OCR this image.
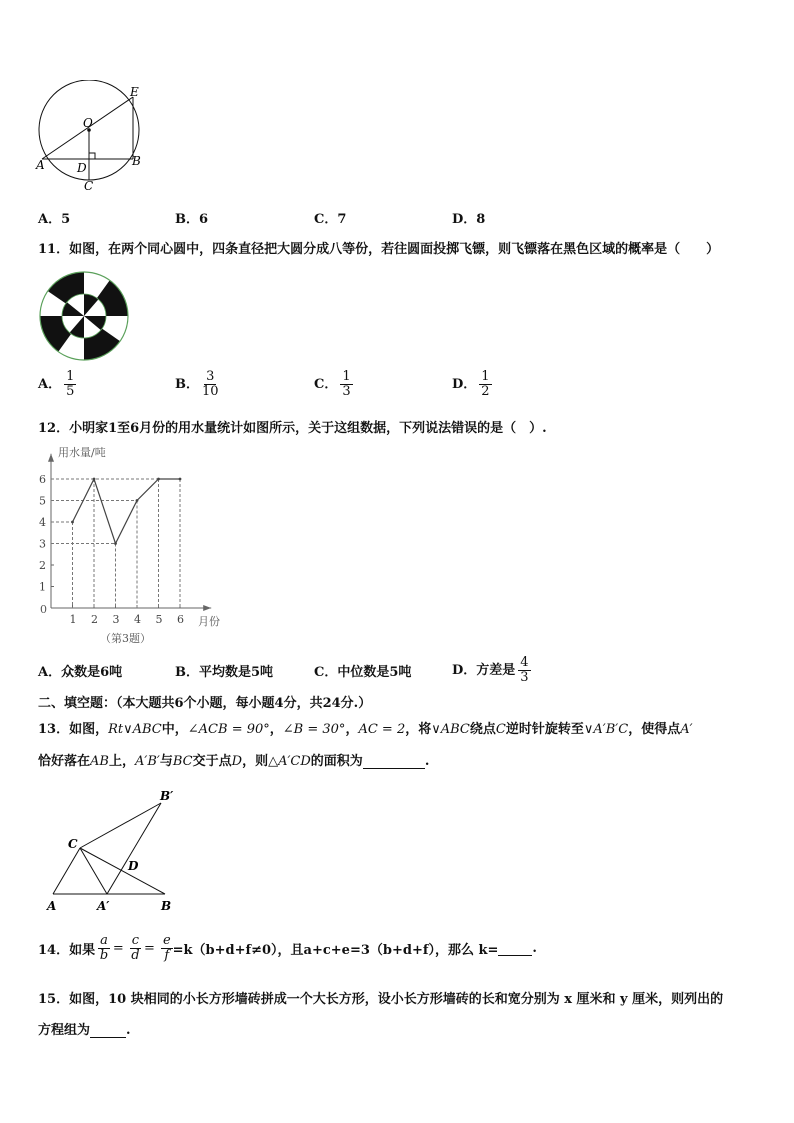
O
E
A	B
D
C
A．5	B．6	C．7	D．8
11．如图，在两个同心圆中，四条直径把大圆分成八等份，若往圆面投掷飞镖，则飞镖落在黑色区域的概率是（　　）
A． $\frac{1}{5}$	B． $\frac{3}{10}$	C． $\frac{1}{3}$	D． $\frac{1}{2}$
12．小明家1至6月份的用水量统计如图所示，关于这组数据，下列说法错误的是（　）.
用水量/吨
月份
（第3题）
0
1
2
3
4
5
6
1 2 3 4 5 6
A．众数是6吨	B．平均数是5吨	C．中位数是5吨	D．方差是 $\frac{4}{3}$
二、填空题：（本大题共6个小题，每小题4分，共24分.）
13．如图，Rt∨ABC中，∠ACB = 90°，∠B = 30°，AC = 2，将∨ABC绕点C逆时针旋转至∨A′B′C，使得点A′
恰好落在AB上，A′B′与BC交于点D，则△A′CD的面积为	.
B′
C
D
A	A′	B
14．如果 $\frac{a}{b} = \frac{c}{d} = \frac{e}{f} =k(b+d+f\ne 0)$，且a+c+e=3（b+d+f），那么 k=	.
15．如图，10 块相同的小长方形墙砖拼成一个大长方形，设小长方形墙砖的长和宽分别为 x 厘米和 y 厘米，则列出的
方程组为	.
